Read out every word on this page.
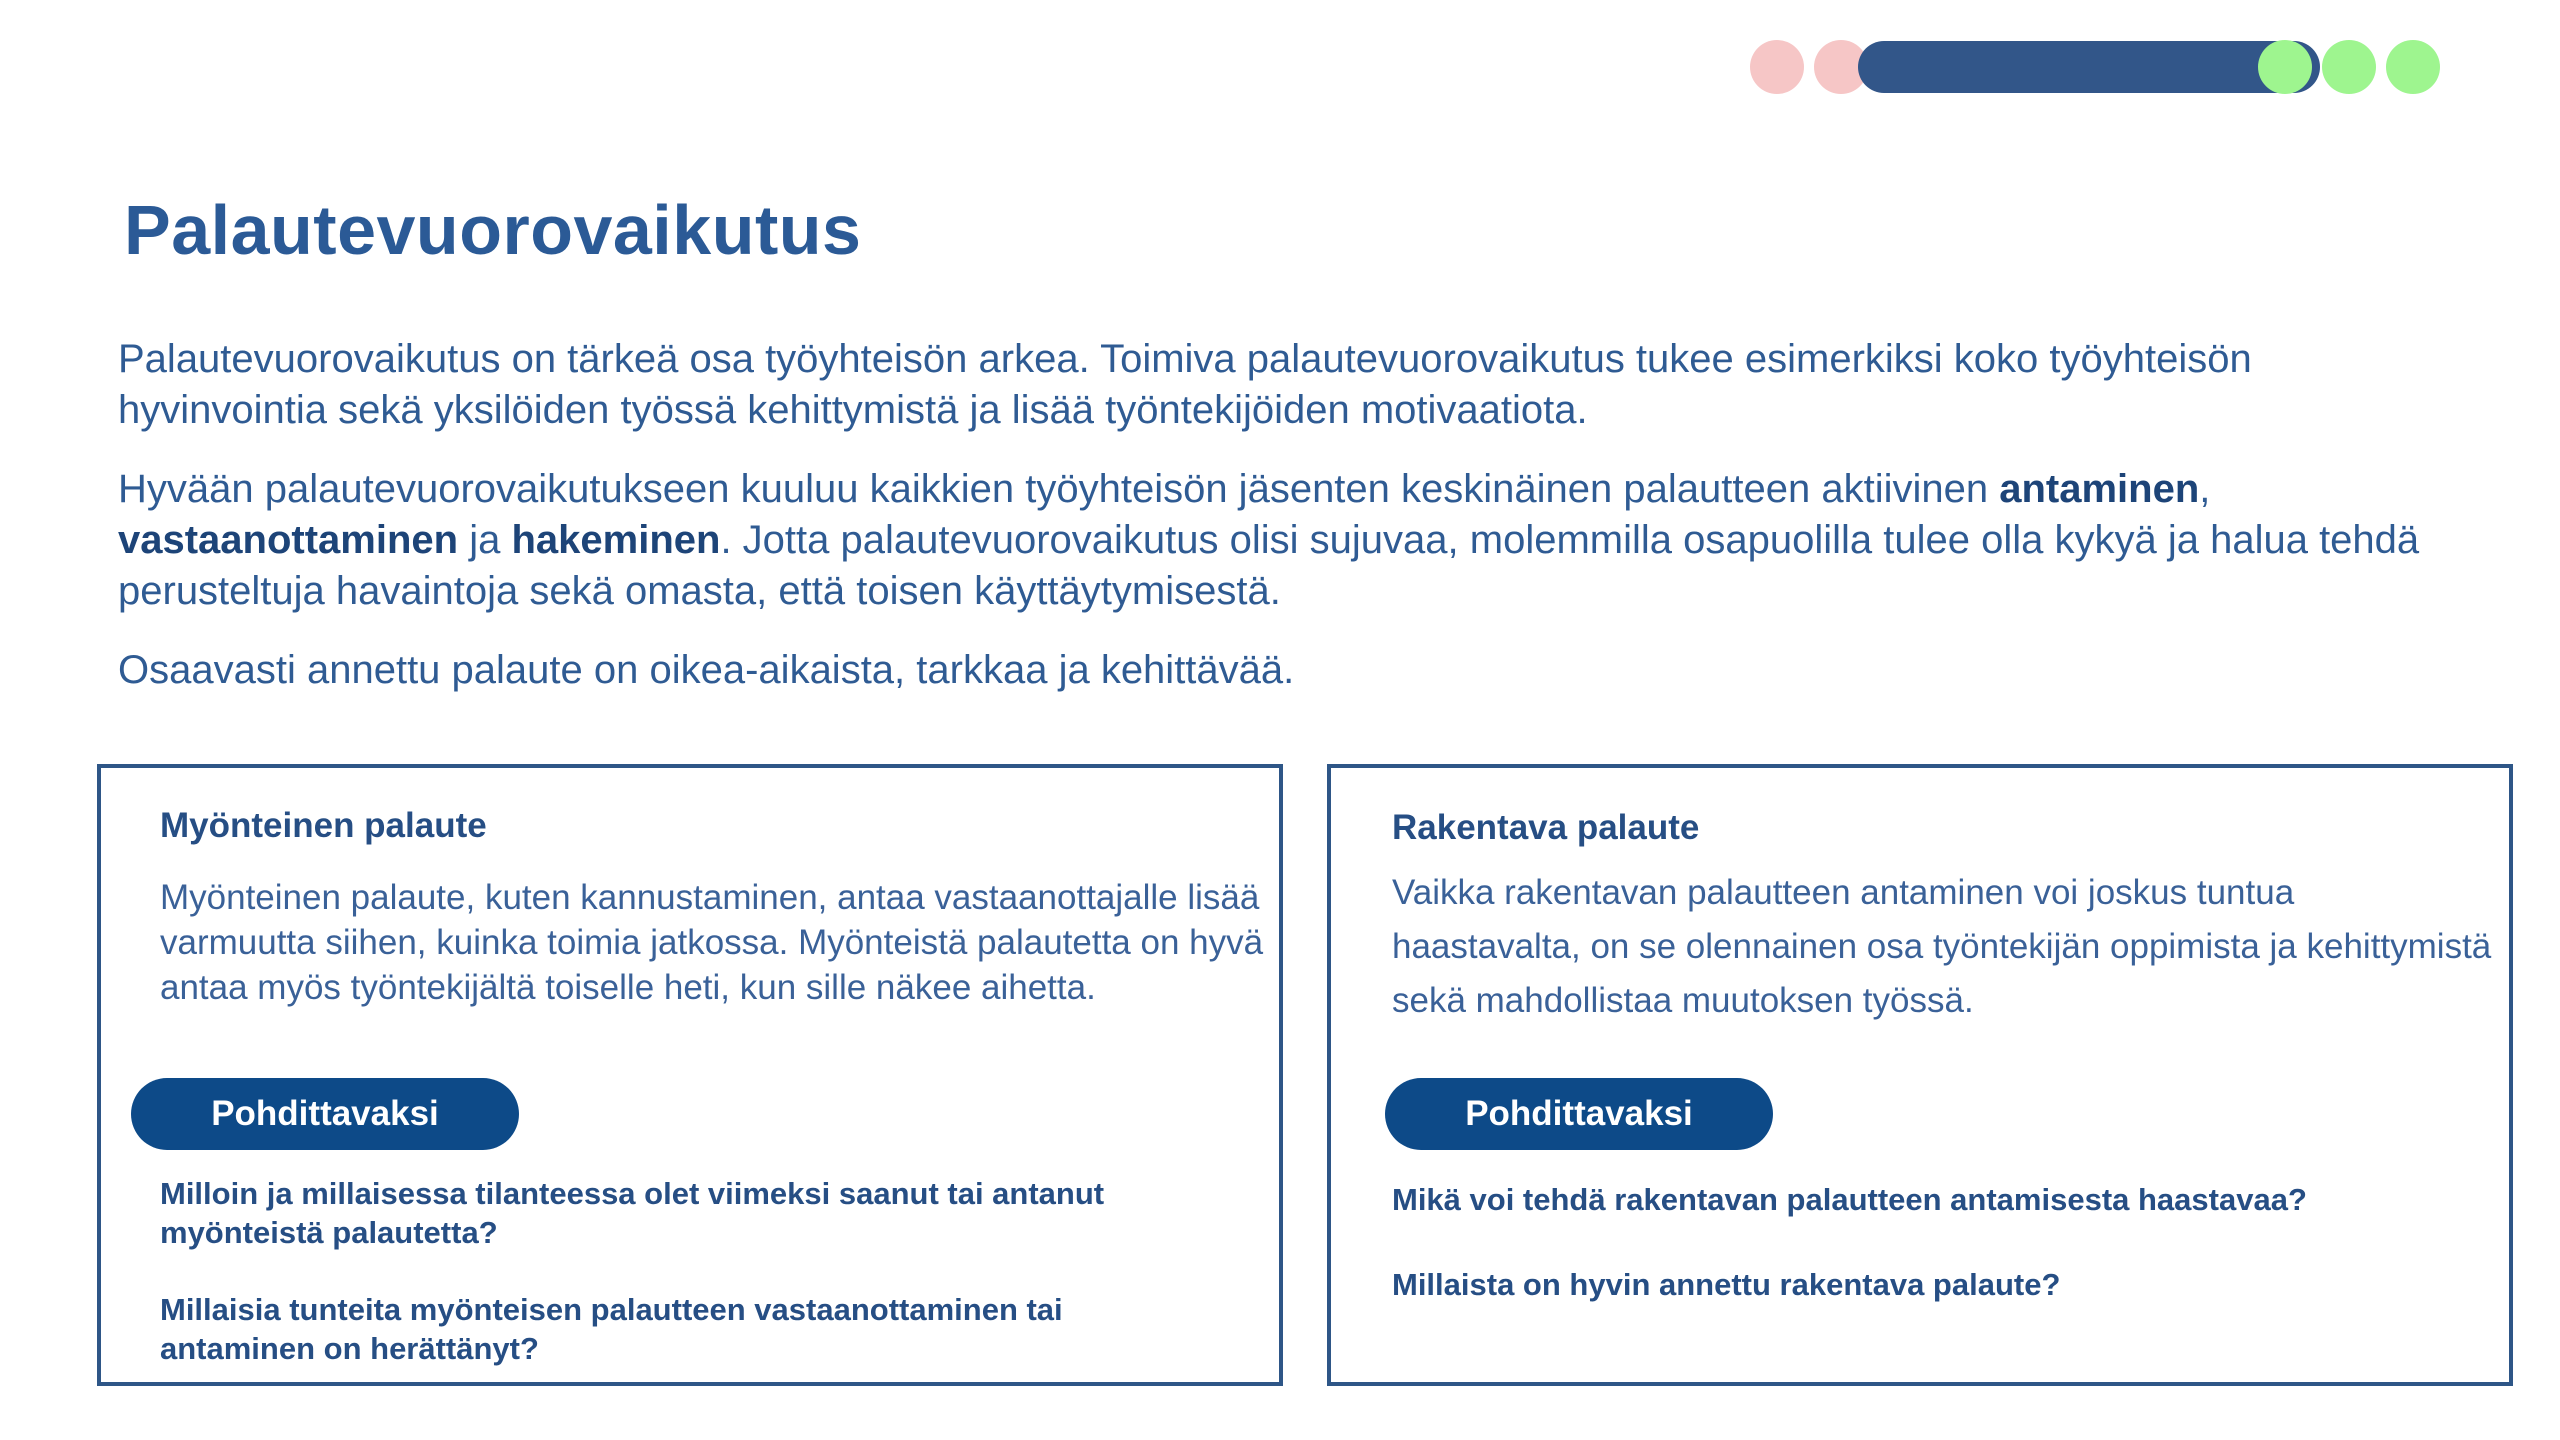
Palautevuorovaikutus

Palautevuorovaikutus on tärkeä osa työyhteisön arkea. Toimiva palautevuorovaikutus tukee esimerkiksi koko työyhteisön hyvinvointia sekä yksilöiden työssä kehittymistä ja lisää työntekijöiden motivaatiota.

Hyvään palautevuorovaikutukseen kuuluu kaikkien työyhteisön jäsenten keskinäinen palautteen aktiivinen antaminen, vastaanottaminen ja hakeminen. Jotta palautevuorovaikutus olisi sujuvaa, molemmilla osapuolilla tulee olla kykyä ja halua tehdä perusteltuja havaintoja sekä omasta, että toisen käyttäytymisestä.

Osaavasti annettu palaute on oikea-aikaista, tarkkaa ja kehittävää.

Myönteinen palaute

Myönteinen palaute, kuten kannustaminen, antaa vastaanottajalle lisää varmuutta siihen, kuinka toimia jatkossa. Myönteistä palautetta on hyvä antaa myös työntekijältä toiselle heti, kun sille näkee aihetta.

Pohdittavaksi

Milloin ja millaisessa tilanteessa olet viimeksi saanut tai antanut myönteistä palautetta?

Millaisia tunteita myönteisen palautteen vastaanottaminen tai antaminen on herättänyt?

Rakentava palaute

Vaikka rakentavan palautteen antaminen voi joskus tuntua haastavalta, on se olennainen osa työntekijän oppimista ja kehittymistä sekä mahdollistaa muutoksen työssä.

Pohdittavaksi

Mikä voi tehdä rakentavan palautteen antamisesta haastavaa?

Millaista on hyvin annettu rakentava palaute?
